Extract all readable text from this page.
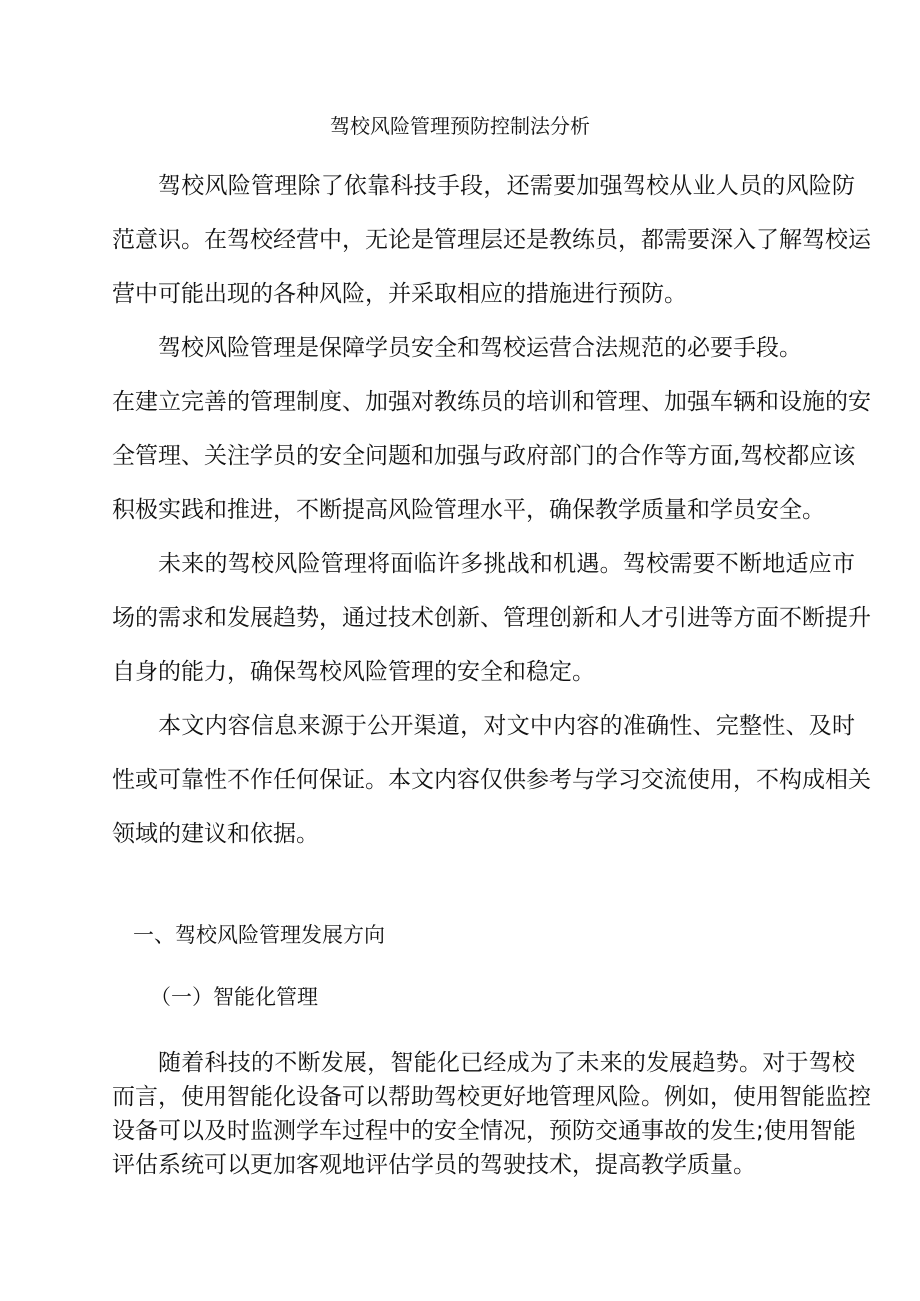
驾校风险管理预防控制法分析
驾校风险管理除了依靠科技手段，还需要加强驾校从业人员的风险防
范意识。在驾校经营中，无论是管理层还是教练员，都需要深入了解驾校运
营中可能出现的各种风险，并采取相应的措施进行预防。
驾校风险管理是保障学员安全和驾校运营合法规范的必要手段。
在建立完善的管理制度、加强对教练员的培训和管理、加强车辆和设施的安
全管理、关注学员的安全问题和加强与政府部门的合作等方面,驾校都应该
积极实践和推进，不断提高风险管理水平，确保教学质量和学员安全。
未来的驾校风险管理将面临许多挑战和机遇。驾校需要不断地适应市
场的需求和发展趋势，通过技术创新、管理创新和人才引进等方面不断提升
自身的能力，确保驾校风险管理的安全和稳定。
本文内容信息来源于公开渠道，对文中内容的准确性、完整性、及时
性或可靠性不作任何保证。本文内容仅供参考与学习交流使用，不构成相关
领域的建议和依据。
随着科技的不断发展，智能化已经成为了未来的发展趋势。对于驾校
而言，使用智能化设备可以帮助驾校更好地管理风险。例如，使用智能监控
设备可以及时监测学车过程中的安全情况，预防交通事故的发生;使用智能
评估系统可以更加客观地评估学员的驾驶技术，提高教学质量。
一、驾校风险管理发展方向
（一）智能化管理
